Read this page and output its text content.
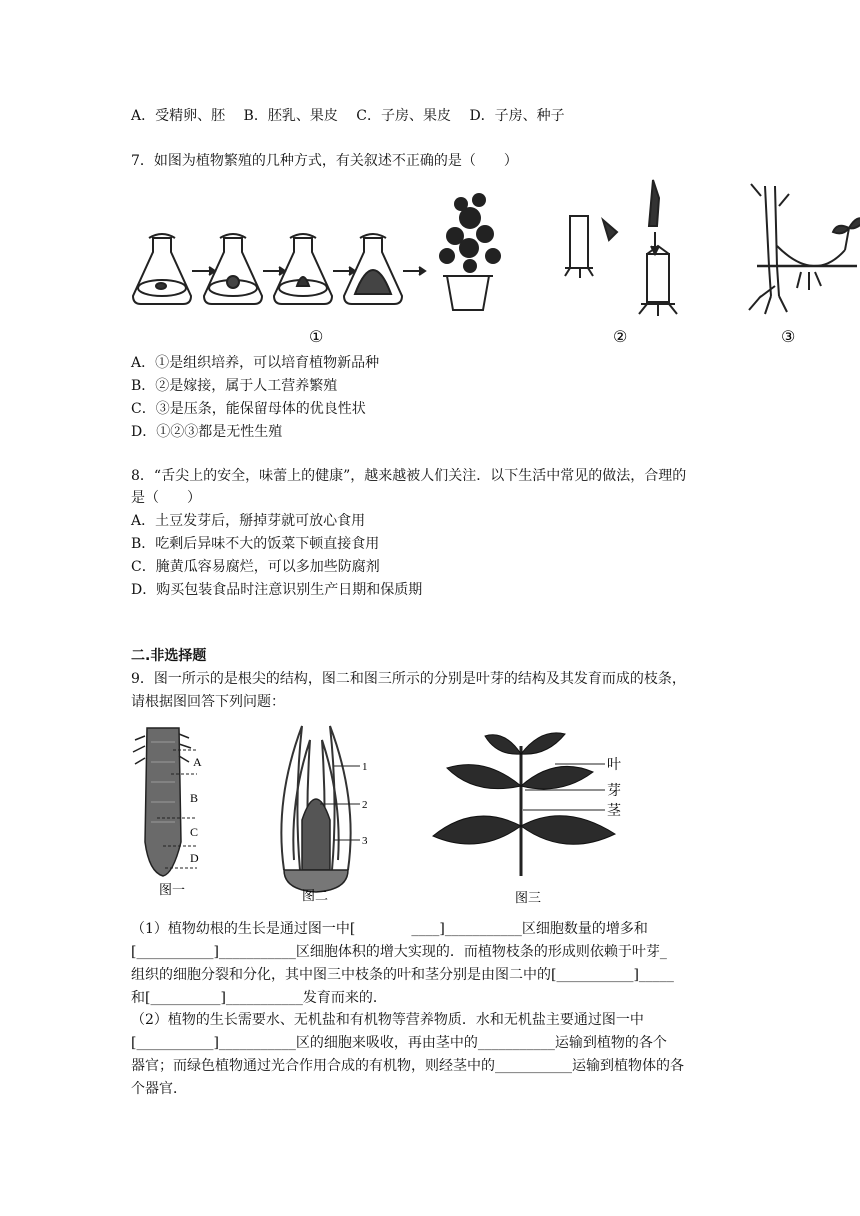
A．受精卵、胚　 B．胚乳、果皮　 C．子房、果皮　 D．子房、种子
7．如图为植物繁殖的几种方式，有关叙述不正确的是（　　）
①	②	③
A．①是组织培养，可以培育植物新品种
B．②是嫁接，属于人工营养繁殖
C．③是压条，能保留母体的优良性状
D．①②③都是无性生殖
8．“舌尖上的安全，味蕾上的健康”，越来越被人们关注．以下生活中常见的做法，合理的
是（　　）
A．土豆发芽后，掰掉芽就可放心食用
B．吃剩后异味不大的饭菜下顿直接食用
C．腌黄瓜容易腐烂，可以多加些防腐剂
D．购买包装食品时注意识别生产日期和保质期
二.非选择题
9．图一所示的是根尖的结构，图二和图三所示的分别是叶芽的结构及其发育而成的枝条，
请根据图回答下列问题：
A
B
C
D
图一
1
2
3
图二
叶
芽
茎
图三
（1）植物幼根的生长是通过图一中[　　　　____]___________区细胞数量的增多和
[___________]___________区细胞体积的增大实现的．而植物枝条的形成则依赖于叶芽_
组织的细胞分裂和分化，其中图三中枝条的叶和茎分别是由图二中的[___________]_____
和[__________]___________发育而来的．
（2）植物的生长需要水、无机盐和有机物等营养物质．水和无机盐主要通过图一中
[___________]___________区的细胞来吸收，再由茎中的___________运输到植物的各个
器官；而绿色植物通过光合作用合成的有机物，则经茎中的___________运输到植物体的各
个器官．
